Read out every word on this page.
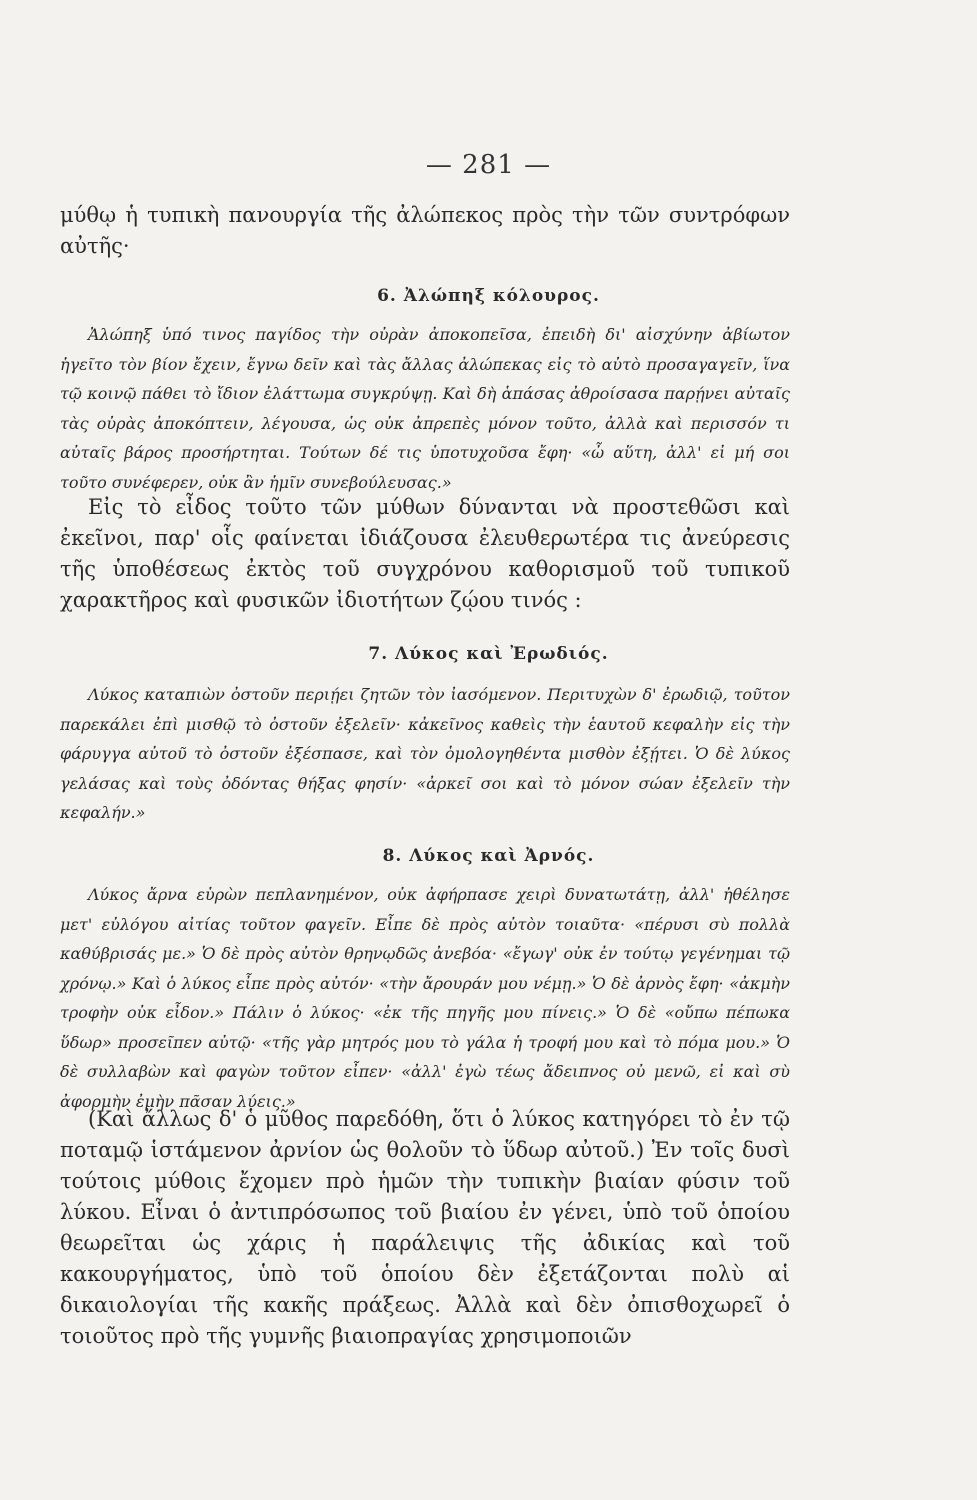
— 281 —

μύθῳ ἡ τυπικὴ πανουργία τῆς ἀλώπεκος πρὸς τὴν τῶν συντρόφων αὐτῆς·

6. Ἀλώπηξ κόλουρος.

Ἀλώπηξ ὑπό τινος παγίδος τὴν οὐρὰν ἀποκοπεῖσα, ἐπειδὴ δι' αἰσχύνην ἀβίωτον ἡγεῖτο τὸν βίον ἔχειν, ἔγνω δεῖν καὶ τὰς ἄλλας ἀλώπεκας εἰς τὸ αὐτὸ προσαγαγεῖν, ἵνα τῷ κοινῷ πάθει τὸ ἴδιον ἐλάττωμα συγκρύψῃ. Καὶ δὴ ἁπάσας ἀθροίσασα παρῄνει αὐταῖς τὰς οὐρὰς ἀποκόπτειν, λέγουσα, ὡς οὐκ ἀπρεπὲς μόνον τοῦτο, ἀλλὰ καὶ περισσόν τι αὐταῖς βάρος προσήρτηται. Τούτων δέ τις ὑποτυχοῦσα ἔφη· «ὦ αὕτη, ἀλλ' εἰ μή σοι τοῦτο συνέφερεν, οὐκ ἂν ἡμῖν συνεβούλευσας.»

Εἰς τὸ εἶδος τοῦτο τῶν μύθων δύνανται νὰ προστεθῶσι καὶ ἐκεῖνοι, παρ' οἷς φαίνεται ἰδιάζουσα ἐλευθερωτέρα τις ἀνεύρεσις τῆς ὑποθέσεως ἐκτὸς τοῦ συγχρόνου καθορισμοῦ τοῦ τυπικοῦ χαρακτῆρος καὶ φυσικῶν ἰδιοτήτων ζῴου τινός :

7. Λύκος καὶ Ἐρωδιός.

Λύκος καταπιὼν ὀστοῦν περιῄει ζητῶν τὸν ἰασόμενον. Περιτυχὼν δ' ἐρωδιῷ, τοῦτον παρεκάλει ἐπὶ μισθῷ τὸ ὀστοῦν ἐξελεῖν· κἀκεῖνος καθεὶς τὴν ἑαυτοῦ κεφαλὴν εἰς τὴν φάρυγγα αὐτοῦ τὸ ὀστοῦν ἐξέσπασε, καὶ τὸν ὁμολογηθέντα μισθὸν ἐξῄτει. Ὁ δὲ λύκος γελάσας καὶ τοὺς ὀδόντας θήξας φησίν· «ἀρκεῖ σοι καὶ τὸ μόνον σώαν ἐξελεῖν τὴν κεφαλήν.»

8. Λύκος καὶ Ἀρνός.

Λύκος ἄρνα εὑρὼν πεπλανημένον, οὐκ ἀφήρπασε χειρὶ δυνατωτάτῃ, ἀλλ' ἠθέλησε μετ' εὐλόγου αἰτίας τοῦτον φαγεῖν. Εἶπε δὲ πρὸς αὐτὸν τοιαῦτα· «πέρυσι σὺ πολλὰ καθύβρισάς με.» Ὁ δὲ πρὸς αὐτὸν θρηνῳδῶς ἀνεβόα· «ἔγωγ' οὐκ ἐν τούτῳ γεγένημαι τῷ χρόνῳ.» Καὶ ὁ λύκος εἶπε πρὸς αὐτόν· «τὴν ἄρουράν μου νέμῃ.» Ὁ δὲ ἀρνὸς ἔφη· «ἀκμὴν τροφὴν οὐκ εἶδον.» Πάλιν ὁ λύκος· «ἐκ τῆς πηγῆς μου πίνεις.» Ὁ δὲ «οὔπω πέπωκα ὕδωρ» προσεῖπεν αὐτῷ· «τῆς γὰρ μητρός μου τὸ γάλα ἡ τροφή μου καὶ τὸ πόμα μου.» Ὁ δὲ συλλαβὼν καὶ φαγὼν τοῦτον εἶπεν· «ἀλλ' ἐγὼ τέως ἄδειπνος οὐ μενῶ, εἰ καὶ σὺ ἀφορμὴν ἐμὴν πᾶσαν λύεις.»

(Καὶ ἄλλως δ' ὁ μῦθος παρεδόθη, ὅτι ὁ λύκος κατηγόρει τὸ ἐν τῷ ποταμῷ ἱστάμενον ἀρνίον ὡς θολοῦν τὸ ὕδωρ αὐτοῦ.) Ἐν τοῖς δυσὶ τούτοις μύθοις ἔχομεν πρὸ ἡμῶν τὴν τυπικὴν βιαίαν φύσιν τοῦ λύκου. Εἶναι ὁ ἀντιπρόσωπος τοῦ βιαίου ἐν γένει, ὑπὸ τοῦ ὁποίου θεωρεῖται ὡς χάρις ἡ παράλειψις τῆς ἀδικίας καὶ τοῦ κακουργήματος, ὑπὸ τοῦ ὁποίου δὲν ἐξετάζονται πολὺ αἱ δικαιολογίαι τῆς κακῆς πράξεως. Ἀλλὰ καὶ δὲν ὀπισθοχωρεῖ ὁ τοιοῦτος πρὸ τῆς γυμνῆς βιαιοπραγίας χρησιμοποιῶν
